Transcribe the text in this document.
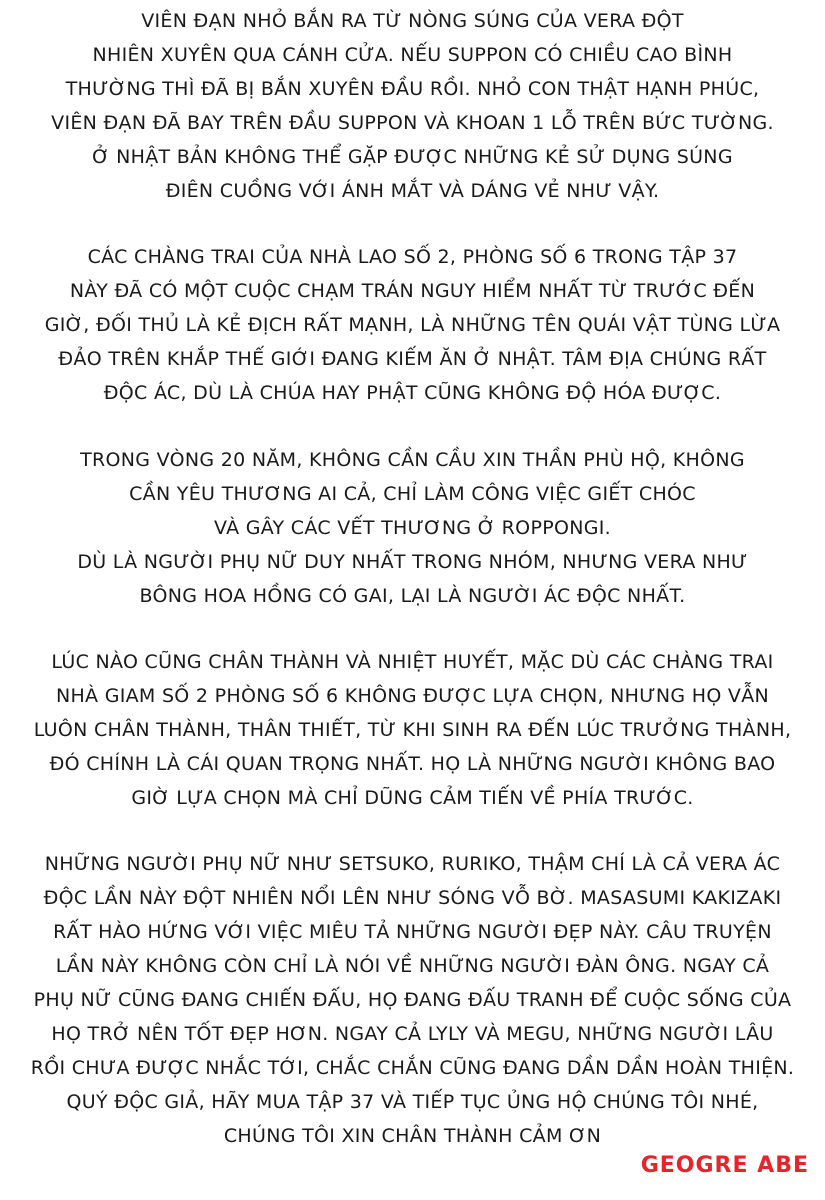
VIÊN ĐẠN NHỎ BẮN RA TỪ NÒNG SÚNG CỦA VERA ĐỘT
NHIÊN XUYÊN QUA CÁNH CỬA. NẾU SUPPON CÓ CHIỀU CAO BÌNH
THƯỜNG THÌ ĐÃ BỊ BẮN XUYÊN ĐẦU RỒI. NHỎ CON THẬT HẠNH PHÚC,
VIÊN ĐẠN ĐÃ BAY TRÊN ĐẦU SUPPON VÀ KHOAN 1 LỖ TRÊN BỨC TƯỜNG.
Ở NHẬT BẢN KHÔNG THỂ GẶP ĐƯỢC NHỮNG KẺ SỬ DỤNG SÚNG
ĐIÊN CUỒNG VỚI ÁNH MẮT VÀ DÁNG VẺ NHƯ VẬY.
CÁC CHÀNG TRAI CỦA NHÀ LAO SỐ 2, PHÒNG SỐ 6 TRONG TẬP 37
NÀY ĐÃ CÓ MỘT CUỘC CHẠM TRÁN NGUY HIỂM NHẤT TỪ TRƯỚC ĐẾN
GIỜ, ĐỐI THỦ LÀ KẺ ĐỊCH RẤT MẠNH, LÀ NHỮNG TÊN QUÁI VẬT TÙNG LỪA
ĐẢO TRÊN KHẮP THẾ GIỚI ĐANG KIẾM ĂN Ở NHẬT. TÂM ĐỊA CHÚNG RẤT
ĐỘC ÁC, DÙ LÀ CHÚA HAY PHẬT CŨNG KHÔNG ĐỘ HÓA ĐƯỢC.
TRONG VÒNG 20 NĂM, KHÔNG CẦN CẦU XIN THẦN PHÙ HỘ, KHÔNG
CẦN YÊU THƯƠNG AI CẢ, CHỈ LÀM CÔNG VIỆC GIẾT CHÓC
VÀ GÂY CÁC VẾT THƯƠNG Ở ROPPONGI.
DÙ LÀ NGƯỜI PHỤ NỮ DUY NHẤT TRONG NHÓM, NHƯNG VERA NHƯ
BÔNG HOA HỒNG CÓ GAI, LẠI LÀ NGƯỜI ÁC ĐỘC NHẤT.
LÚC NÀO CŨNG CHÂN THÀNH VÀ NHIỆT HUYẾT, MẶC DÙ CÁC CHÀNG TRAI
NHÀ GIAM SỐ 2 PHÒNG SỐ 6 KHÔNG ĐƯỢC LỰA CHỌN, NHƯNG HỌ VẪN
LUÔN CHÂN THÀNH, THÂN THIẾT, TỪ KHI SINH RA ĐẾN LÚC TRƯỞNG THÀNH,
ĐÓ CHÍNH LÀ CÁI QUAN TRỌNG NHẤT. HỌ LÀ NHỮNG NGƯỜI KHÔNG BAO
GIỜ LỰA CHỌN MÀ CHỈ DŨNG CẢM TIẾN VỀ PHÍA TRƯỚC.
NHỮNG NGƯỜI PHỤ NỮ NHƯ SETSUKO, RURIKO, THẬM CHÍ LÀ CẢ VERA ÁC
ĐỘC LẦN NÀY ĐỘT NHIÊN NỔI LÊN NHƯ SÓNG VỖ BỜ. MASASUMI KAKIZAKI
RẤT HÀO HỨNG VỚI VIỆC MIÊU TẢ NHỮNG NGƯỜI ĐẸP NÀY. CÂU TRUYỆN
LẦN NÀY KHÔNG CÒN CHỈ LÀ NÓI VỀ NHỮNG NGƯỜI ĐÀN ÔNG. NGAY CẢ
PHỤ NỮ CŨNG ĐANG CHIẾN ĐẤU, HỌ ĐANG ĐẤU TRANH ĐỂ CUỘC SỐNG CỦA
HỌ TRỞ NÊN TỐT ĐẸP HƠN. NGAY CẢ LYLY VÀ MEGU, NHỮNG NGƯỜI LÂU
RỒI CHƯA ĐƯỢC NHẮC TỚI, CHẮC CHẮN CŨNG ĐANG DẦN DẦN HOÀN THIỆN.
QUÝ ĐỘC GIẢ, HÃY MUA TẬP 37 VÀ TIẾP TỤC ỦNG HỘ CHÚNG TÔI NHÉ,
CHÚNG TÔI XIN CHÂN THÀNH CẢM ƠN
GEOGRE ABE
